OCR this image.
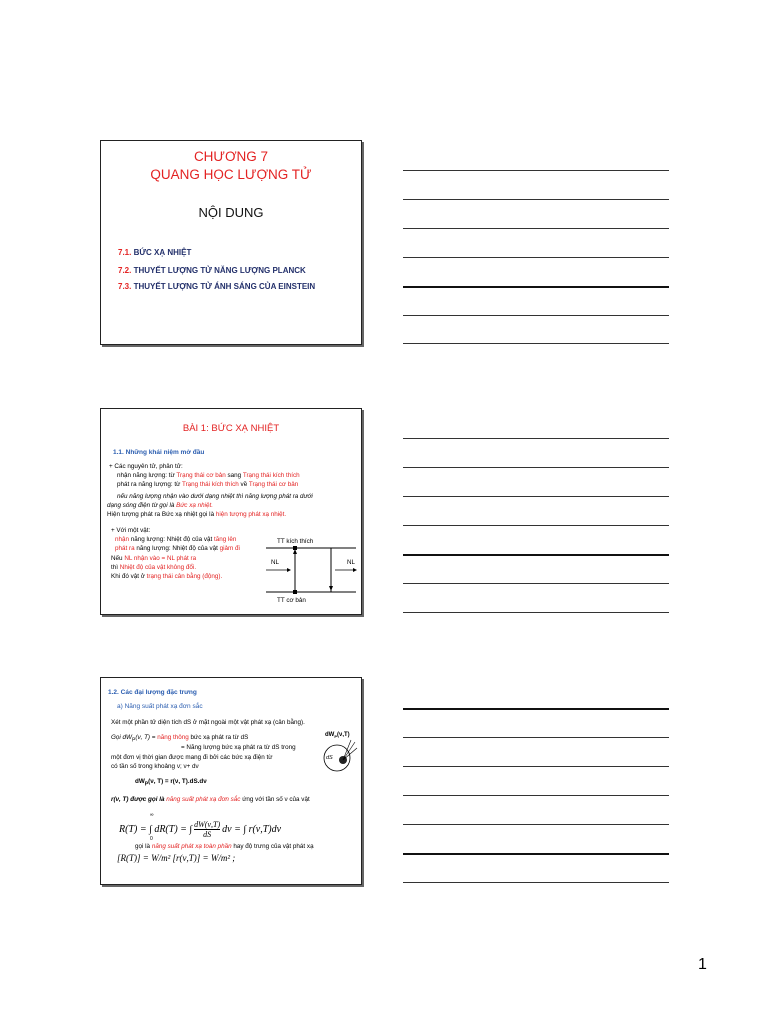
CHƯƠNG 7
QUANG HỌC LƯỢNG TỬ
NỘI DUNG
7.1. BỨC XẠ NHIỆT
7.2. THUYẾT LƯỢNG TỬ NĂNG LƯỢNG PLANCK
7.3. THUYẾT LƯỢNG TỬ ÁNH SÁNG CỦA EINSTEIN
BÀI 1: BỨC XẠ NHIỆT
1.1. Những khái niệm mở đầu
+ Các nguyên tử, phân tử:
nhận năng lượng: từ Trạng thái cơ bản sang Trạng thái kích thích
phát ra năng lượng: từ Trạng thái kích thích về Trạng thái cơ bản
nếu năng lượng nhận vào dưới dạng nhiệt thì năng lượng phát ra dưới
dạng sóng điện từ gọi là Bức xạ nhiệt.
Hiện tượng phát ra Bức xạ nhiệt gọi là hiện tượng phát xạ nhiệt.
+ Với một vật:
nhận năng lượng: Nhiệt độ của vật tăng lên
phát ra năng lượng: Nhiệt độ của vật giảm đi
Nếu NL nhận vào = NL phát ra
thì Nhiệt độ của vật không đổi.
Khi đó vật ở trạng thái cân bằng (động).
TT kích thích
TT cơ bản
NL	NL
1.2. Các đại lượng đặc trưng
a) Năng suất phát xạ đơn sắc
Xét một phần tử diện tích dS ở mặt ngoài một vật phát xạ (cân bằng).
Gọi $dW_P(\nu$, T) = năng thông bức xạ phát ra từ dS
= Năng lượng bức xạ phát ra từ dS trong
một đơn vị thời gian được mang đi bởi các bức xạ điện từ
có tần số trong khoảng ν; ν+ dν
$dW_P(\nu$, T) = r(ν, T).dS.dν
r(ν, T) được gọi là năng suất phát xạ đơn sắc ứng với tần số ν của vật
R(T) = ∫ dR(T) = ∫ $\frac{dW(\nu,T)}{dS}$ dν = ∫ r(ν,T)dν
∞
0
gọi là năng suất phát xạ toàn phần hay độ trưng của vật phát xạ
[R(T)] = W/m² [r(ν,T)] = W/m² ;
$dW_P(\nu,T)$
dS
1
